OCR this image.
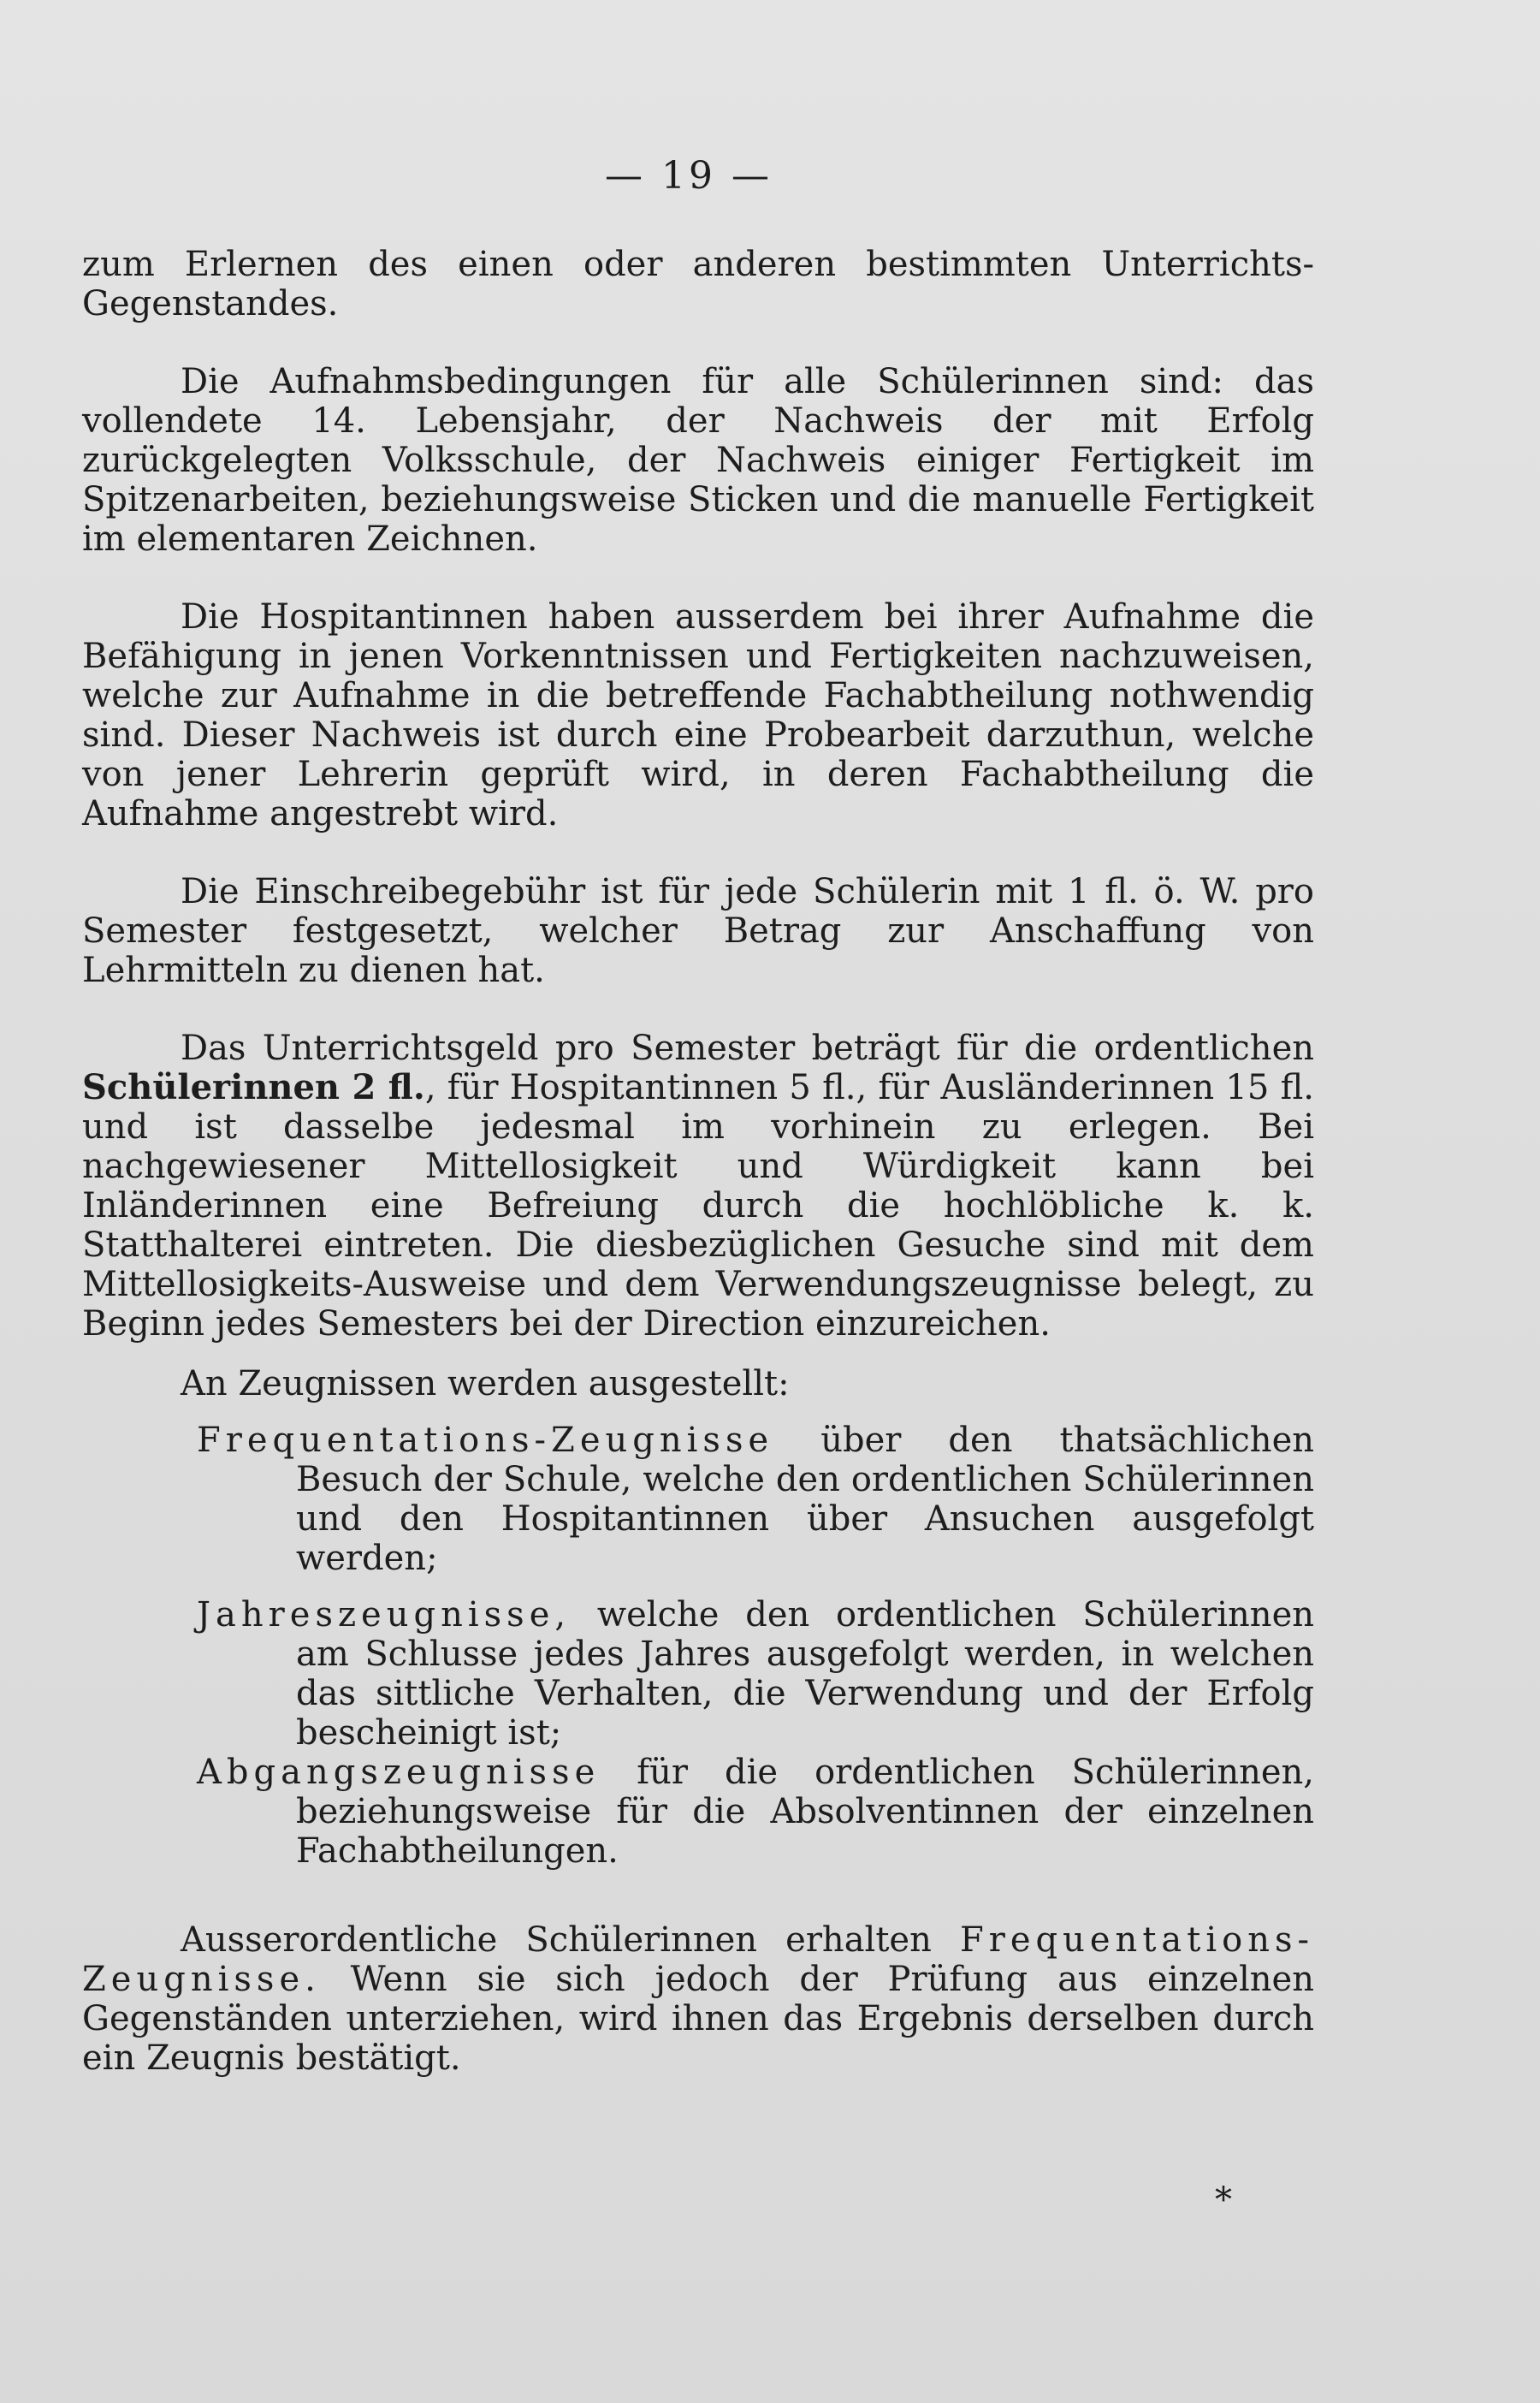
— 19 —

zum Erlernen des einen oder anderen bestimmten Unterrichts-Gegenstandes.

Die Aufnahmsbedingungen für alle Schülerinnen sind: das vollendete 14. Lebensjahr, der Nachweis der mit Erfolg zurückgelegten Volksschule, der Nachweis einiger Fertigkeit im Spitzenarbeiten, beziehungsweise Sticken und die manuelle Fertigkeit im elementaren Zeichnen.

Die Hospitantinnen haben ausserdem bei ihrer Aufnahme die Befähigung in jenen Vorkenntnissen und Fertigkeiten nachzuweisen, welche zur Aufnahme in die betreffende Fachabtheilung nothwendig sind. Dieser Nachweis ist durch eine Probearbeit darzuthun, welche von jener Lehrerin geprüft wird, in deren Fachabtheilung die Aufnahme angestrebt wird.

Die Einschreibegebühr ist für jede Schülerin mit 1 fl. ö. W. pro Semester festgesetzt, welcher Betrag zur Anschaffung von Lehrmitteln zu dienen hat.

Das Unterrichtsgeld pro Semester beträgt für die ordentlichen Schülerinnen 2 fl., für Hospitantinnen 5 fl., für Ausländerinnen 15 fl. und ist dasselbe jedesmal im vorhinein zu erlegen. Bei nachgewiesener Mittellosigkeit und Würdigkeit kann bei Inländerinnen eine Befreiung durch die hochlöbliche k. k. Statthalterei eintreten. Die diesbezüglichen Gesuche sind mit dem Mittellosigkeits-Ausweise und dem Verwendungszeugnisse belegt, zu Beginn jedes Semesters bei der Direction einzureichen.

An Zeugnissen werden ausgestellt:

Frequentations-Zeugnisse über den thatsächlichen Besuch der Schule, welche den ordentlichen Schülerinnen und den Hospitantinnen über Ansuchen ausgefolgt werden;

Jahreszeugnisse, welche den ordentlichen Schülerinnen am Schlusse jedes Jahres ausgefolgt werden, in welchen das sittliche Verhalten, die Verwendung und der Erfolg bescheinigt ist;

Abgangszeugnisse für die ordentlichen Schülerinnen, beziehungsweise für die Absolventinnen der einzelnen Fachabtheilungen.

Ausserordentliche Schülerinnen erhalten Frequentations-Zeugnisse. Wenn sie sich jedoch der Prüfung aus einzelnen Gegenständen unterziehen, wird ihnen das Ergebnis derselben durch ein Zeugnis bestätigt.

*
